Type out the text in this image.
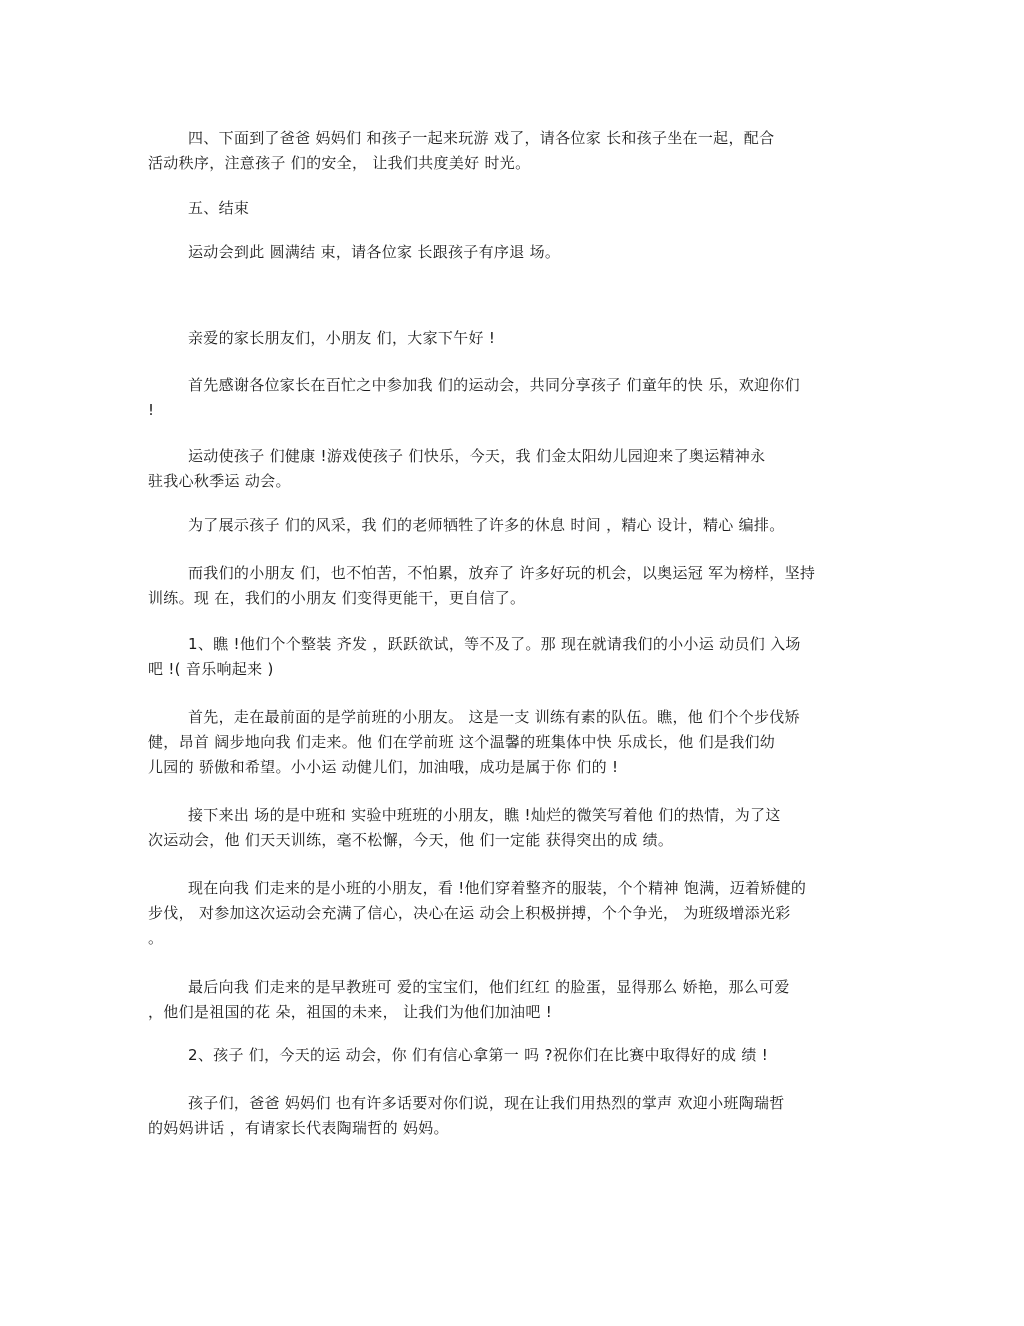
四、下面到了爸爸 妈妈们 和孩子一起来玩游 戏了，请各位家 长和孩子坐在一起，配合
活动秩序，注意孩子 们的安全， 让我们共度美好 时光。

五、结束

运动会到此 圆满结 束，请各位家 长跟孩子有序退 场。

亲爱的家长朋友们，小朋友 们，大家下午好 !

首先感谢各位家长在百忙之中参加我 们的运动会，共同分享孩子 们童年的快 乐，欢迎你们
!

运动使孩子 们健康 !游戏使孩子 们快乐，今天，我 们金太阳幼儿园迎来了奥运精神永
驻我心秋季运 动会。

为了展示孩子 们的风采，我 们的老师牺牲了许多的休息 时间 ，精心 设计，精心 编排。

而我们的小朋友 们，也不怕苦，不怕累，放弃了 许多好玩的机会，以奥运冠 军为榜样，坚持
训练。现 在，我们的小朋友 们变得更能干，更自信了。

1、瞧 !他们个个整装 齐发 ，跃跃欲试，等不及了。那 现在就请我们的小小运 动员们 入场
吧 !( 音乐响起来 )

首先，走在最前面的是学前班的小朋友。 这是一支 训练有素的队伍。瞧，他 们个个步伐矫
健，昂首 阔步地向我 们走来。他 们在学前班 这个温馨的班集体中快 乐成长，他 们是我们幼
儿园的 骄傲和希望。小小运 动健儿们，加油哦，成功是属于你 们的 !

接下来出 场的是中班和 实验中班班的小朋友，瞧 !灿烂的微笑写着他 们的热情，为了这
次运动会，他 们天天训练，毫不松懈，今天，他 们一定能 获得突出的成 绩。

现在向我 们走来的是小班的小朋友，看 !他们穿着整齐的服装，个个精神 饱满，迈着矫健的
步伐， 对参加这次运动会充满了信心，决心在运 动会上积极拼搏，个个争光， 为班级增添光彩
。

最后向我 们走来的是早教班可 爱的宝宝们，他们红红 的脸蛋，显得那么 娇艳，那么可爱
，他们是祖国的花 朵，祖国的未来， 让我们为他们加油吧 !

2、孩子 们，今天的运 动会，你 们有信心拿第一 吗 ?祝你们在比赛中取得好的成 绩 !

孩子们，爸爸 妈妈们 也有许多话要对你们说，现在让我们用热烈的掌声 欢迎小班陶瑞哲
的妈妈讲话 ，有请家长代表陶瑞哲的 妈妈。
